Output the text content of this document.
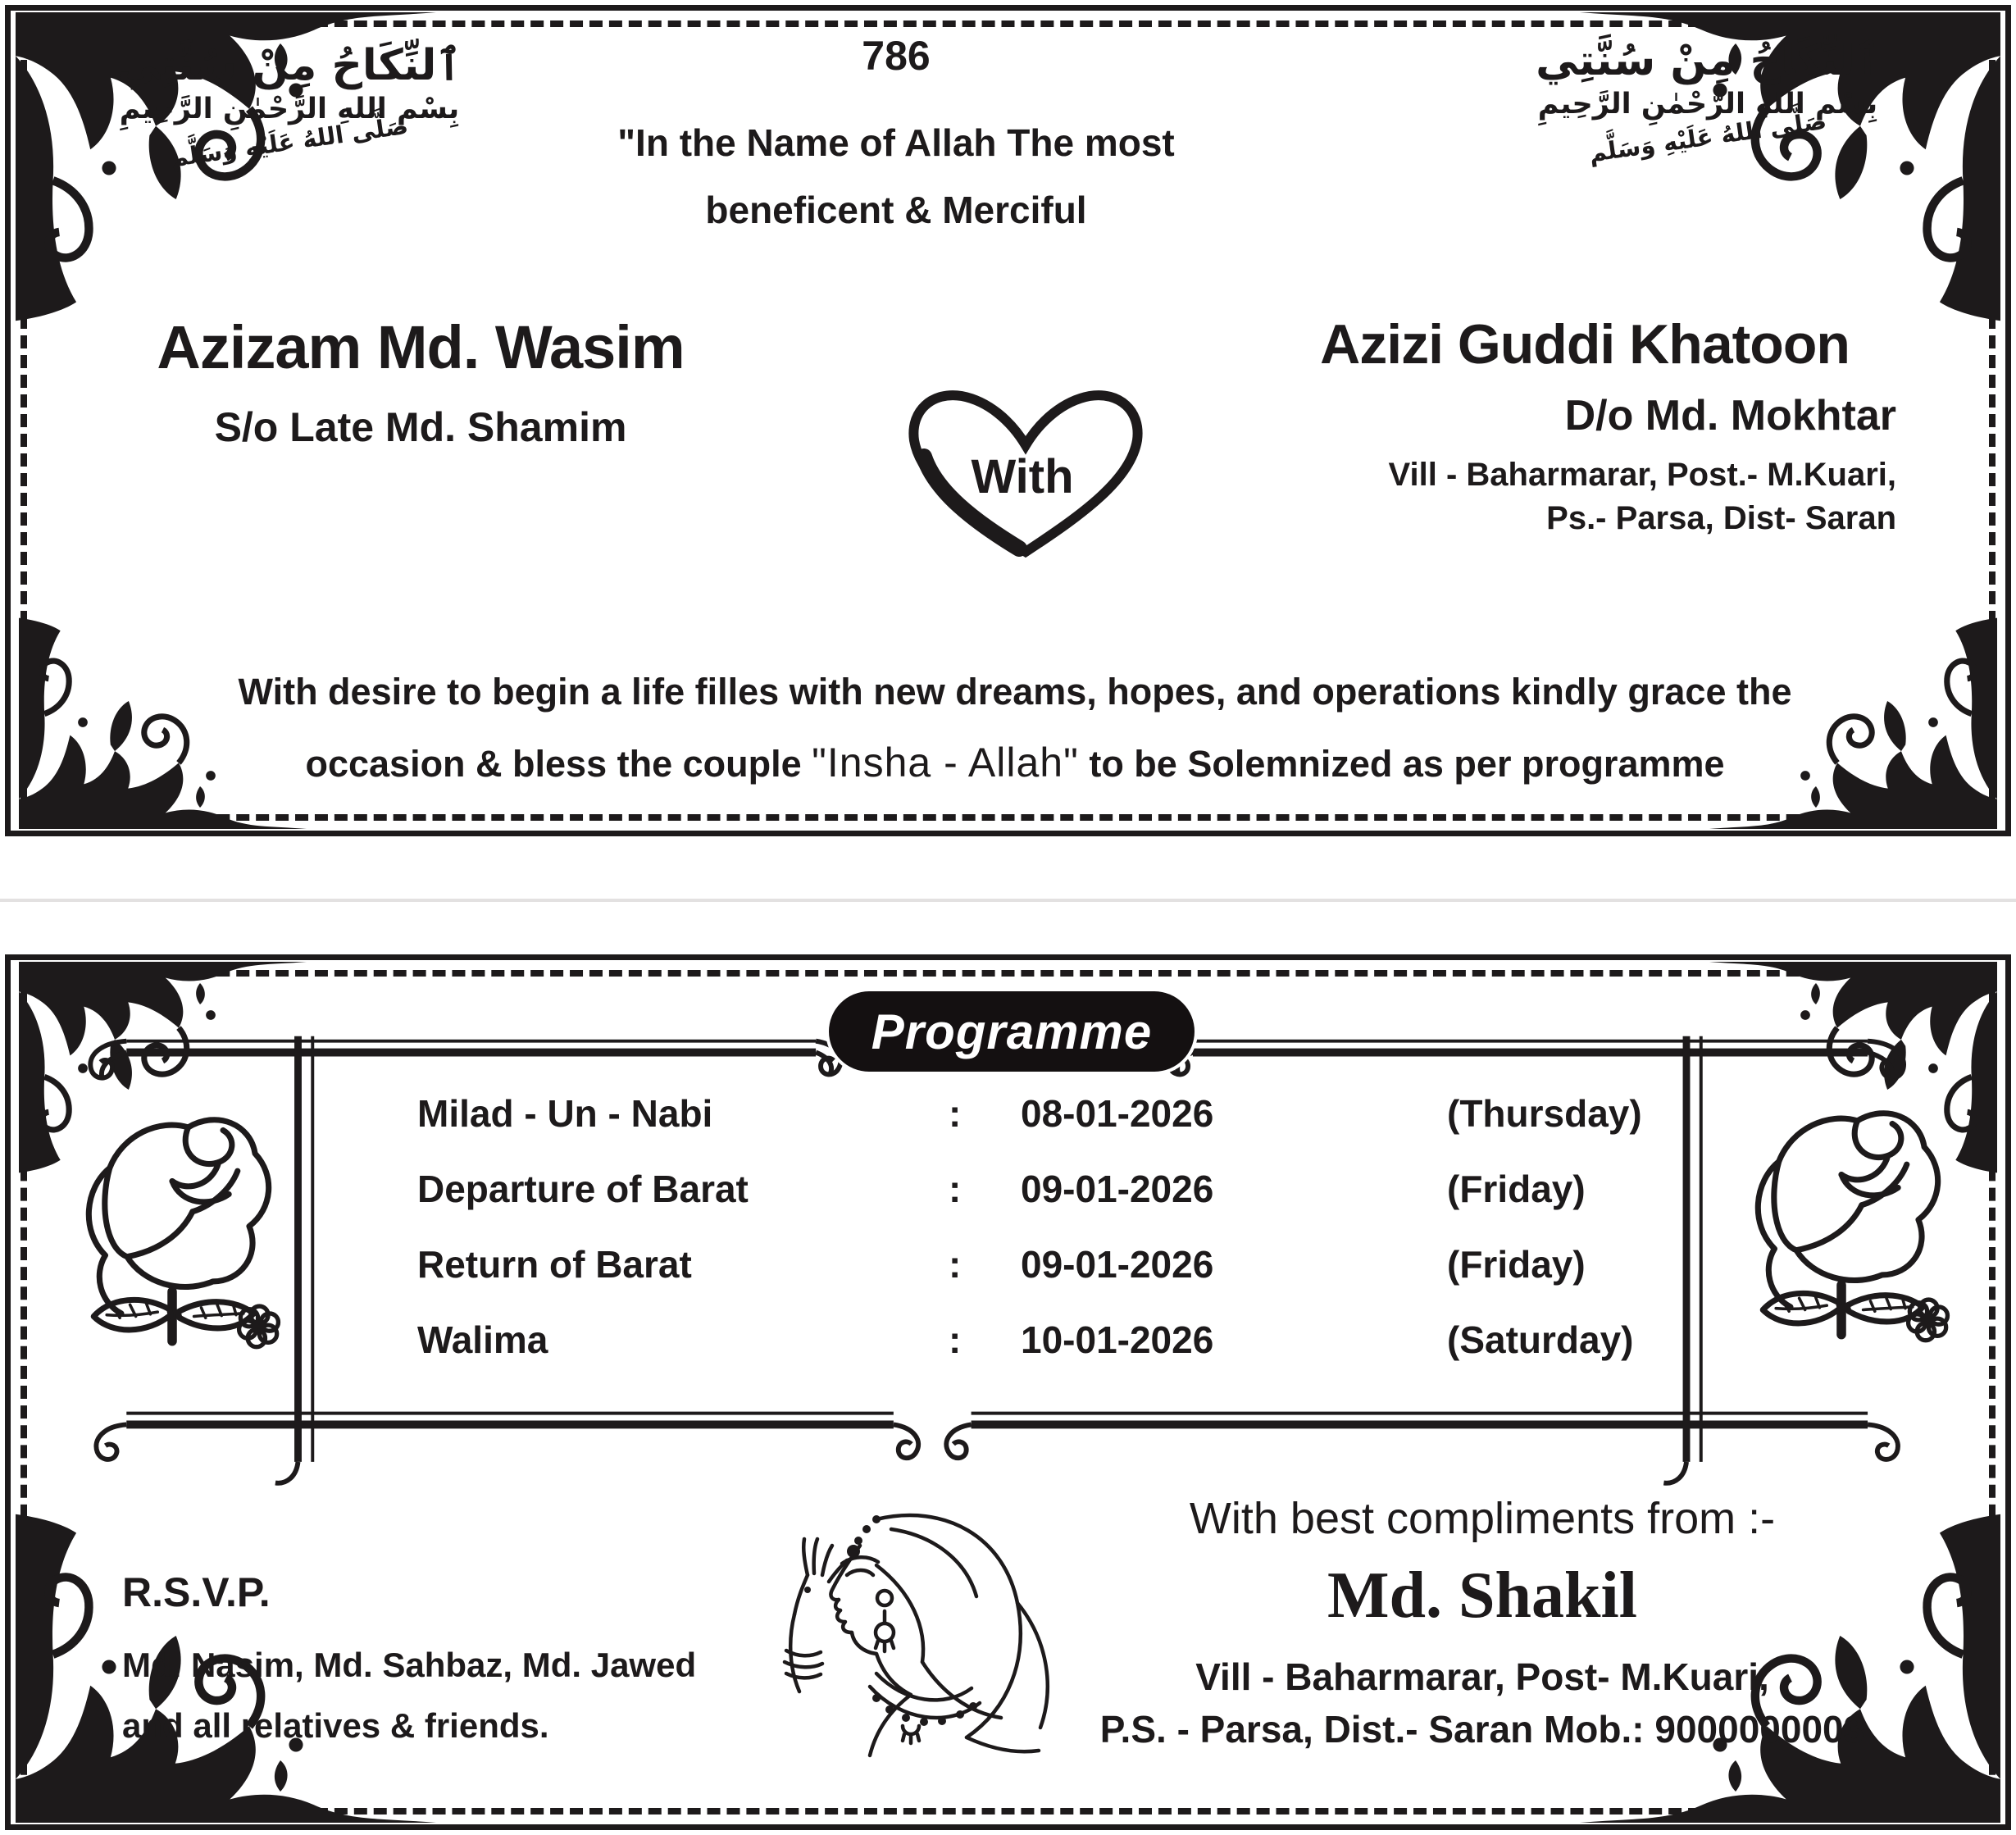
ٱلنِّكَاحُ مِنْ سُنَّتِي
بِسْمِ اللهِ الرَّحْمٰنِ الرَّحِيمِ
صَلَّى اللهُ عَلَيْهِ وَسَلَّم
ٱلنِّكَاحُ مِنْ سُنَّتِي
بِسْمِ اللهِ الرَّحْمٰنِ الرَّحِيمِ
صَلَّى اللهُ عَلَيْهِ وَسَلَّم
786
"In the Name of Allah The most
beneficent & Merciful
Azizam Md. Wasim
S/o Late Md. Shamim
With
Azizi Guddi Khatoon
D/o Md. Mokhtar
Vill - Baharmarar, Post.- M.Kuari,
Ps.- Parsa, Dist- Saran
With desire to begin a life filles with new dreams, hopes, and operations kindly grace the
occasion & bless the couple "Insha - Allah" to be Solemnized as per programme
Programme
Milad - Un - Nabi	: 08-01-2026	(Thursday)
Departure of Barat	: 09-01-2026	(Friday)
Return of Barat	: 09-01-2026	(Friday)
Walima	: 10-01-2026	(Saturday)
R.S.V.P.
Md. Nasim, Md. Sahbaz, Md. Jawed
and all relatives & friends.
With best compliments from :-
Md. Shakil
Vill - Baharmarar, Post- M.Kuari,
P.S. - Parsa, Dist.- Saran Mob.: 9000000003
